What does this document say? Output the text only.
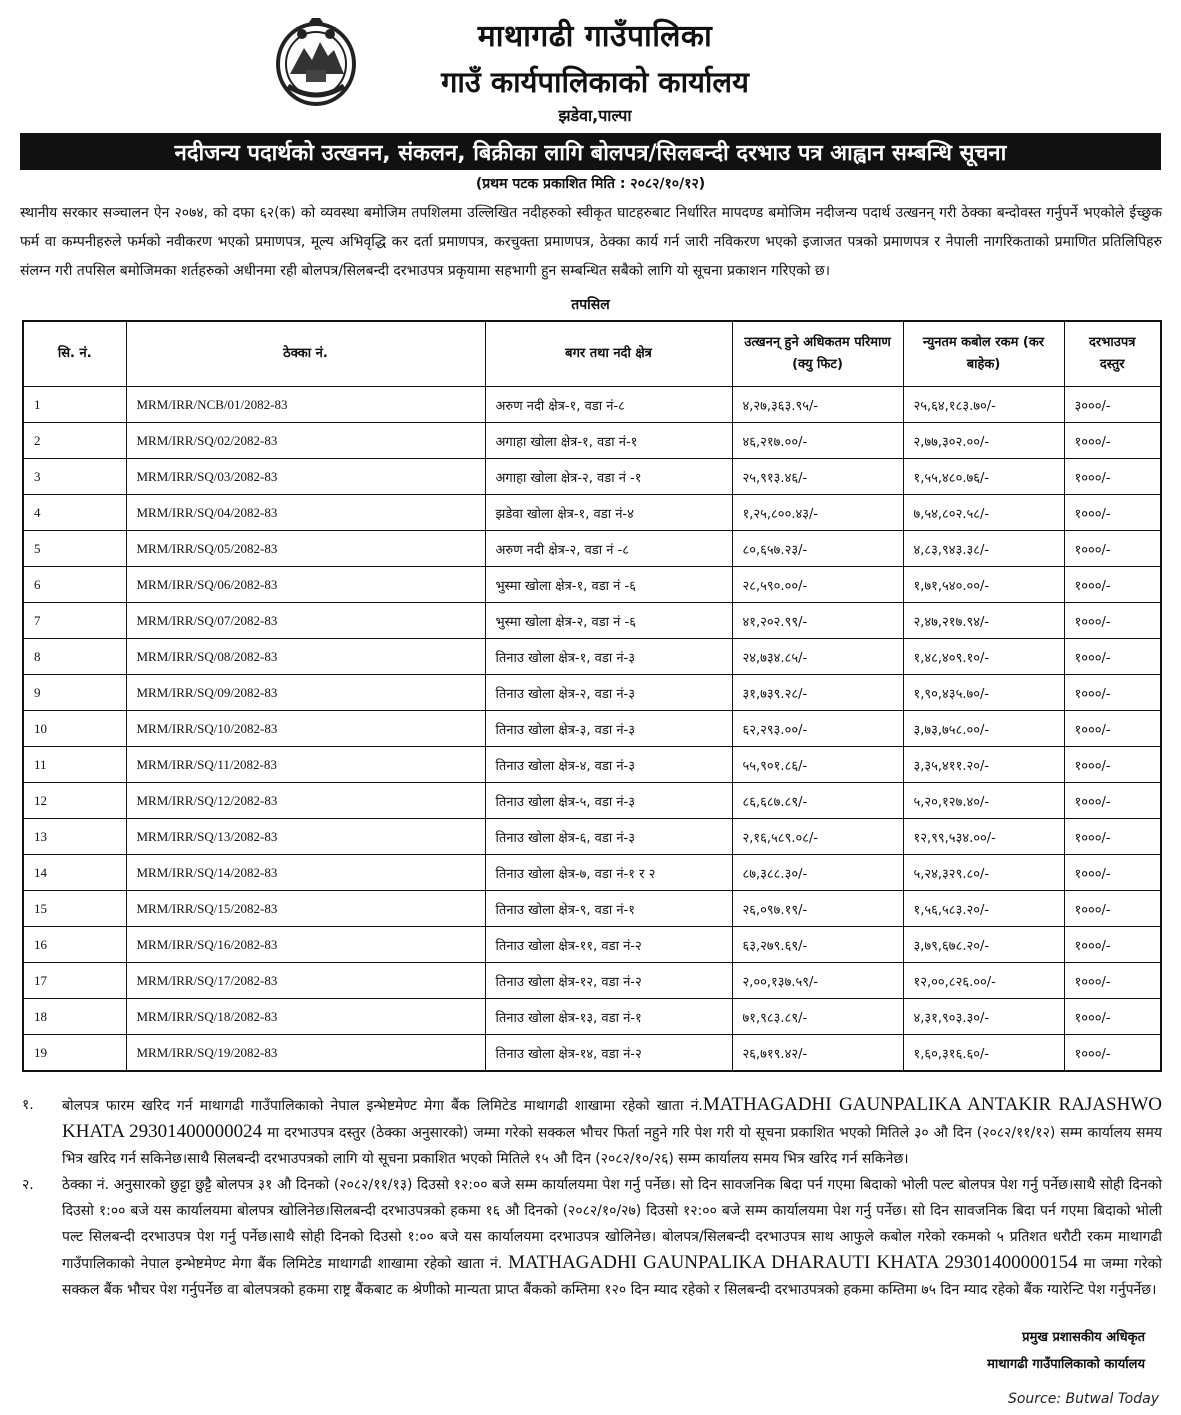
माथागढी गाउँपालिका
गाउँ कार्यपालिकाको कार्यालय
झडेवा,पाल्पा
नदीजन्य पदार्थको उत्खनन, संकलन, बिक्रीका लागि बोलपत्र/सिलबन्दी दरभाउ पत्र आह्वान सम्बन्धि सूचना
(प्रथम पटक प्रकाशित मिति : २०८२/१०/१२)
स्थानीय सरकार सञ्चालन ऐन २०७४, को दफा ६२(क) को व्यवस्था बमोजिम तपशिलमा उल्लिखित नदीहरुको स्वीकृत घाटहरुबाट निर्धारित मापदण्ड बमोजिम नदीजन्य पदार्थ उत्खनन् गरी ठेक्का बन्दोवस्त गर्नुपर्ने भएकोले ईच्छुक फर्म वा कम्पनीहरुले फर्मको नवीकरण भएको प्रमाणपत्र, मूल्य अभिवृद्धि कर दर्ता प्रमाणपत्र, करचुक्ता प्रमाणपत्र, ठेक्का कार्य गर्न जारी नविकरण भएको इजाजत पत्रको प्रमाणपत्र र नेपाली नागरिकताको प्रमाणित प्रतिलिपिहरु संलग्न गरी तपसिल बमोजिमका शर्तहरुको अधीनमा रही बोलपत्र/सिलबन्दी दरभाउपत्र प्रकृयामा सहभागी हुन सम्बन्धित सबैको लागि यो सूचना प्रकाशन गरिएको छ।
तपसिल
सि. नं.	ठेक्का नं.	बगर तथा नदी क्षेत्र	उत्खनन् हुने अधिकतम परिमाण (क्यु फिट)	न्युनतम कबोल रकम (कर बाहेक)	दरभाउपत्र दस्तुर
1	MRM/IRR/NCB/01/2082-83	अरुण नदी क्षेत्र-१, वडा नं-८	४,२७,३६३.९५/-	२५,६४,१८३.७०/-	३०००/-
2	MRM/IRR/SQ/02/2082-83	अगाहा खोला क्षेत्र-१, वडा नं-१	४६,२१७.००/-	२,७७,३०२.००/-	१०००/-
3	MRM/IRR/SQ/03/2082-83	अगाहा खोला क्षेत्र-२, वडा नं -१	२५,९१३.४६/-	१,५५,४८०.७६/-	१०००/-
4	MRM/IRR/SQ/04/2082-83	झडेवा खोला क्षेत्र-१, वडा नं-४	१,२५,८००.४३/-	७,५४,८०२.५८/-	१०००/-
5	MRM/IRR/SQ/05/2082-83	अरुण नदी क्षेत्र-२, वडा नं -८	८०,६५७.२३/-	४,८३,९४३.३८/-	१०००/-
6	MRM/IRR/SQ/06/2082-83	भुस्मा खोला क्षेत्र-१, वडा नं -६	२८,५९०.००/-	१,७१,५४०.००/-	१०००/-
7	MRM/IRR/SQ/07/2082-83	भुस्मा खोला क्षेत्र-२, वडा नं -६	४१,२०२.९९/-	२,४७,२१७.९४/-	१०००/-
8	MRM/IRR/SQ/08/2082-83	तिनाउ खोला क्षेत्र-१, वडा नं-३	२४,७३४.८५/-	१,४८,४०९.१०/-	१०००/-
9	MRM/IRR/SQ/09/2082-83	तिनाउ खोला क्षेत्र-२, वडा नं-३	३१,७३९.२८/-	१,९०,४३५.७०/-	१०००/-
10	MRM/IRR/SQ/10/2082-83	तिनाउ खोला क्षेत्र-३, वडा नं-३	६२,२९३.००/-	३,७३,७५८.००/-	१०००/-
11	MRM/IRR/SQ/11/2082-83	तिनाउ खोला क्षेत्र-४, वडा नं-३	५५,९०१.८६/-	३,३५,४११.२०/-	१०००/-
12	MRM/IRR/SQ/12/2082-83	तिनाउ खोला क्षेत्र-५, वडा नं-३	८६,६८७.८९/-	५,२०,१२७.४०/-	१०००/-
13	MRM/IRR/SQ/13/2082-83	तिनाउ खोला क्षेत्र-६, वडा नं-३	२,१६,५८९.०८/-	१२,९९,५३४.००/-	१०००/-
14	MRM/IRR/SQ/14/2082-83	तिनाउ खोला क्षेत्र-७, वडा नं-१ र २	८७,३८८.३०/-	५,२४,३२९.८०/-	१०००/-
15	MRM/IRR/SQ/15/2082-83	तिनाउ खोला क्षेत्र-९, वडा नं-१	२६,०९७.१९/-	१,५६,५८३.२०/-	१०००/-
16	MRM/IRR/SQ/16/2082-83	तिनाउ खोला क्षेत्र-११, वडा नं-२	६३,२७९.६९/-	३,७९,६७८.२०/-	१०००/-
17	MRM/IRR/SQ/17/2082-83	तिनाउ खोला क्षेत्र-१२, वडा नं-२	२,००,१३७.५९/-	१२,००,८२६.००/-	१०००/-
18	MRM/IRR/SQ/18/2082-83	तिनाउ खोला क्षेत्र-१३, वडा नं-१	७१,९८३.८९/-	४,३१,९०३.३०/-	१०००/-
19	MRM/IRR/SQ/19/2082-83	तिनाउ खोला क्षेत्र-१४, वडा नं-२	२६,७१९.४२/-	१,६०,३१६.६०/-	१०००/-
१.	बोलपत्र फारम खरिद गर्न माथागढी गाउँपालिकाको नेपाल इन्भेष्टमेण्ट मेगा बैंक लिमिटेड माथागढी शाखामा रहेको खाता नं.MATHAGADHI GAUNPALIKA ANTAKIR RAJASHWO KHATA 29301400000024 मा दरभाउपत्र दस्तुर (ठेक्का अनुसारको) जम्मा गरेको सक्कल भौचर फिर्ता नहुने गरि पेश गरी यो सूचना प्रकाशित भएको मितिले ३० औ दिन (२०८२/११/१२) सम्म कार्यालय समय भित्र खरिद गर्न सकिनेछ।साथै सिलबन्दी दरभाउपत्रको लागि यो सूचना प्रकाशित भएको मितिले १५ औ दिन (२०८२/१०/२६) सम्म कार्यालय समय भित्र खरिद गर्न सकिनेछ।
२.	ठेक्का नं. अनुसारको छुट्टा छुट्टै बोलपत्र ३१ औ दिनको (२०८२/११/१३) दिउसो १२:०० बजे सम्म कार्यालयमा पेश गर्नु पर्नेछ। सो दिन सावजनिक बिदा पर्न गएमा बिदाको भोली पल्ट बोलपत्र पेश गर्नु पर्नेछ।साथै सोही दिनको दिउसो १:०० बजे यस कार्यालयमा बोलपत्र खोलिनेछ।सिलबन्दी दरभाउपत्रको हकमा १६ औ दिनको (२०८२/१०/२७) दिउसो १२:०० बजे सम्म कार्यालयमा पेश गर्नु पर्नेछ। सो दिन सावजनिक बिदा पर्न गएमा बिदाको भोली पल्ट सिलबन्दी दरभाउपत्र पेश गर्नु पर्नेछ।साथै सोही दिनको दिउसो १:०० बजे यस कार्यालयमा दरभाउपत्र खोलिनेछ। बोलपत्र/सिलबन्दी दरभाउपत्र साथ आफुले कबोल गरेको रकमको ५ प्रतिशत धरौटी रकम माथागढी गाउँपालिकाको नेपाल इन्भेष्टमेण्ट मेगा बैंक लिमिटेड माथागढी शाखामा रहेको खाता नं. MATHAGADHI GAUNPALIKA DHARAUTI KHATA 29301400000154 मा जम्मा गरेको सक्कल बैंक भौचर पेश गर्नुपर्नेछ वा बोलपत्रको हकमा राष्ट्र बैंकबाट क श्रेणीको मान्यता प्राप्त बैंकको कम्तिमा १२० दिन म्याद रहेको र सिलबन्दी दरभाउपत्रको हकमा कम्तिमा ७५ दिन म्याद रहेको बैंक ग्यारेन्टि पेश गर्नुपर्नेछ।
प्रमुख प्रशासकीय अधिकृत
माथागढी गाउँपालिकाको कार्यालय
Source: Butwal Today
